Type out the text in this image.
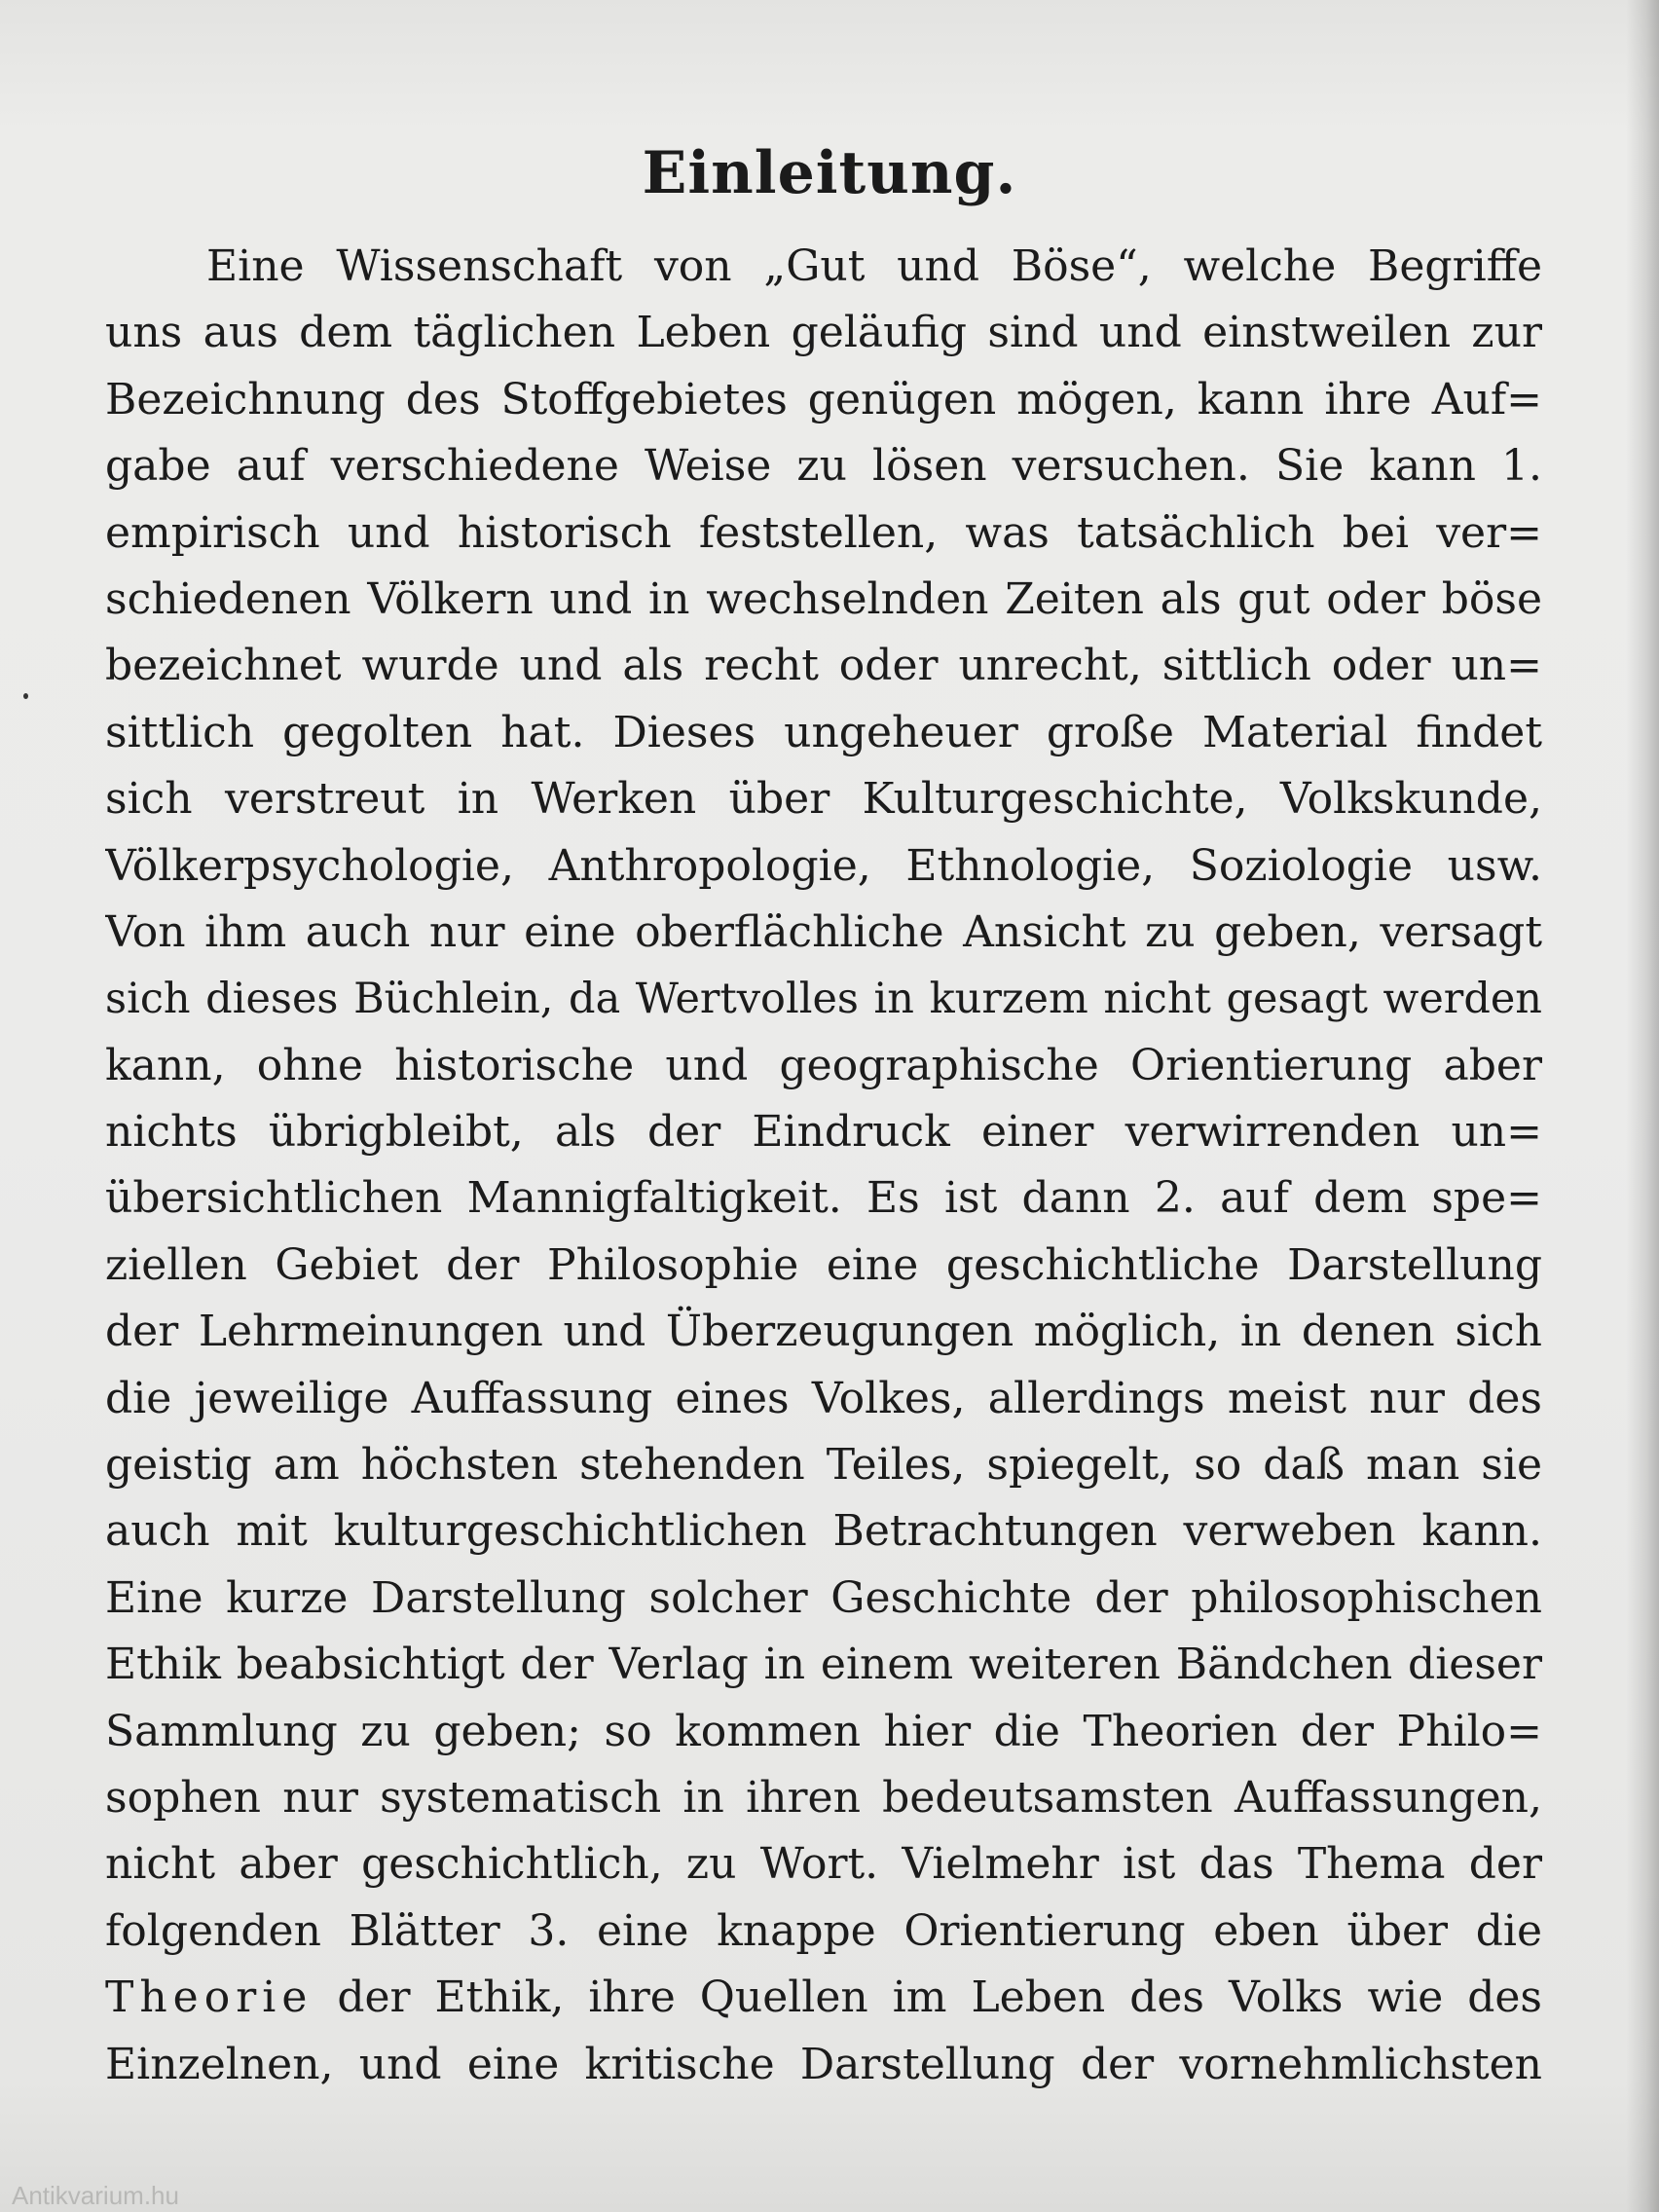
Einleitung.
Eine Wissenschaft von „Gut und Böse“, welche Begriffe
uns aus dem täglichen Leben geläufig sind und einstweilen zur
Bezeichnung des Stoffgebietes genügen mögen, kann ihre Auf=
gabe auf verschiedene Weise zu lösen versuchen. Sie kann 1.
empirisch und historisch feststellen, was tatsächlich bei ver=
schiedenen Völkern und in wechselnden Zeiten als gut oder böse
bezeichnet wurde und als recht oder unrecht, sittlich oder un=
sittlich gegolten hat. Dieses ungeheuer große Material findet
sich verstreut in Werken über Kulturgeschichte, Volkskunde,
Völkerpsychologie, Anthropologie, Ethnologie, Soziologie usw.
Von ihm auch nur eine oberflächliche Ansicht zu geben, versagt
sich dieses Büchlein, da Wertvolles in kurzem nicht gesagt werden
kann, ohne historische und geographische Orientierung aber
nichts übrigbleibt, als der Eindruck einer verwirrenden un=
übersichtlichen Mannigfaltigkeit. Es ist dann 2. auf dem spe=
ziellen Gebiet der Philosophie eine geschichtliche Darstellung
der Lehrmeinungen und Überzeugungen möglich, in denen sich
die jeweilige Auffassung eines Volkes, allerdings meist nur des
geistig am höchsten stehenden Teiles, spiegelt, so daß man sie
auch mit kulturgeschichtlichen Betrachtungen verweben kann.
Eine kurze Darstellung solcher Geschichte der philosophischen
Ethik beabsichtigt der Verlag in einem weiteren Bändchen dieser
Sammlung zu geben; so kommen hier die Theorien der Philo=
sophen nur systematisch in ihren bedeutsamsten Auffassungen,
nicht aber geschichtlich, zu Wort. Vielmehr ist das Thema der
folgenden Blätter 3. eine knappe Orientierung eben über die
Theorie der Ethik, ihre Quellen im Leben des Volks wie des
Einzelnen, und eine kritische Darstellung der vornehmlichsten
Antikvarium.hu
